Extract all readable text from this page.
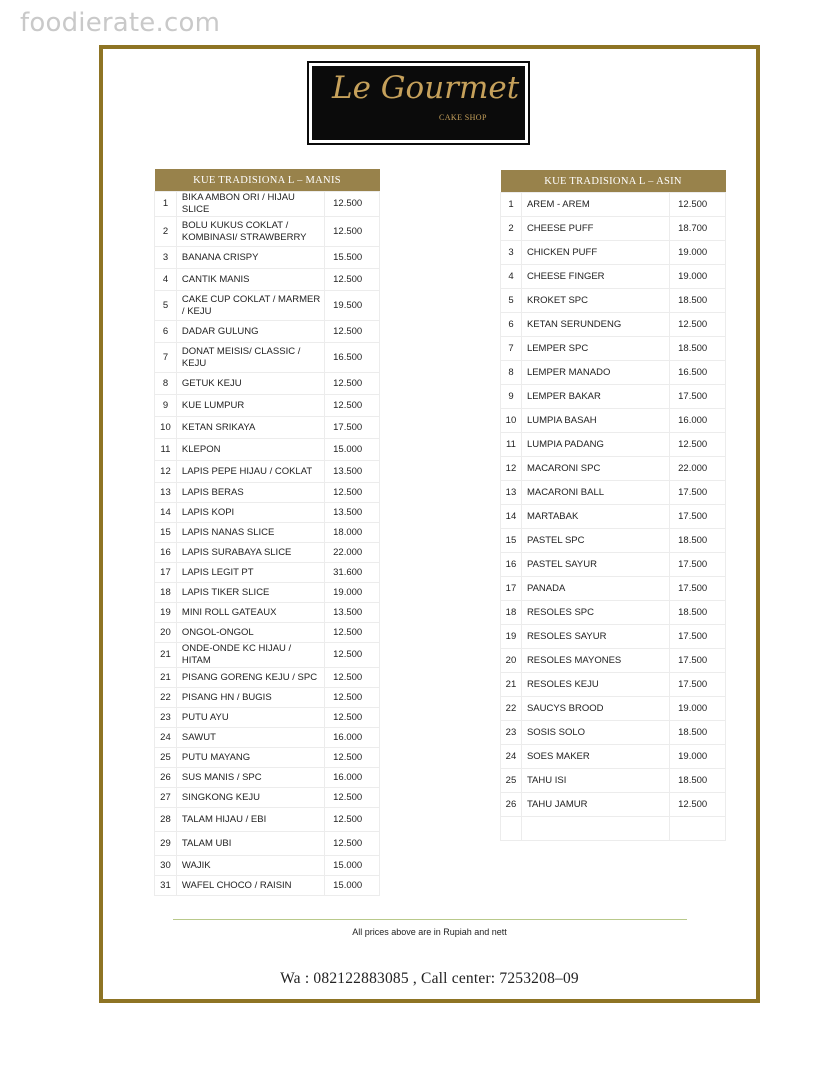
foodierate.com
Le Gourmet
CAKE SHOP
KUE TRADISIONA L – MANIS		
1	BIKA AMBON ORI / HIJAU SLICE	12.500
2	BOLU KUKUS COKLAT / KOMBINASI/ STRAWBERRY	12.500
3	BANANA CRISPY	15.500
4	CANTIK MANIS	12.500
5	CAKE CUP COKLAT / MARMER / KEJU	19.500
6	DADAR GULUNG	12.500
7	DONAT MEISIS/ CLASSIC / KEJU	16.500
8	GETUK KEJU	12.500
9	KUE LUMPUR	12.500
10	KETAN SRIKAYA	17.500
11	KLEPON	15.000
12	LAPIS PEPE HIJAU / COKLAT	13.500
13	LAPIS BERAS	12.500
14	LAPIS KOPI	13.500
15	LAPIS NANAS SLICE	18.000
16	LAPIS SURABAYA SLICE	22.000
17	LAPIS LEGIT PT	31.600
18	LAPIS TIKER SLICE	19.000
19	MINI ROLL GATEAUX	13.500
20	ONGOL-ONGOL	12.500
21	ONDE-ONDE KC HIJAU / HITAM	12.500
21	PISANG GORENG KEJU / SPC	12.500
22	PISANG HN / BUGIS	12.500
23	PUTU AYU	12.500
24	SAWUT	16.000
25	PUTU MAYANG	12.500
26	SUS MANIS / SPC	16.000
27	SINGKONG KEJU	12.500
28	TALAM HIJAU / EBI	12.500
29	TALAM UBI	12.500
30	WAJIK	15.000
31	WAFEL CHOCO / RAISIN	15.000
KUE TRADISIONA L – ASIN		
1	AREM - AREM	12.500
2	CHEESE PUFF	18.700
3	CHICKEN PUFF	19.000
4	CHEESE FINGER	19.000
5	KROKET SPC	18.500
6	KETAN SERUNDENG	12.500
7	LEMPER SPC	18.500
8	LEMPER MANADO	16.500
9	LEMPER BAKAR	17.500
10	LUMPIA BASAH	16.000
11	LUMPIA PADANG	12.500
12	MACARONI SPC	22.000
13	MACARONI BALL	17.500
14	MARTABAK	17.500
15	PASTEL SPC	18.500
16	PASTEL SAYUR	17.500
17	PANADA	17.500
18	RESOLES SPC	18.500
19	RESOLES SAYUR	17.500
20	RESOLES MAYONES	17.500
21	RESOLES KEJU	17.500
22	SAUCYS BROOD	19.000
23	SOSIS SOLO	18.500
24	SOES MAKER	19.000
25	TAHU ISI	18.500
26	TAHU JAMUR	12.500

All prices above are in Rupiah and nett
Wa : 082122883085 , Call center: 7253208–09
